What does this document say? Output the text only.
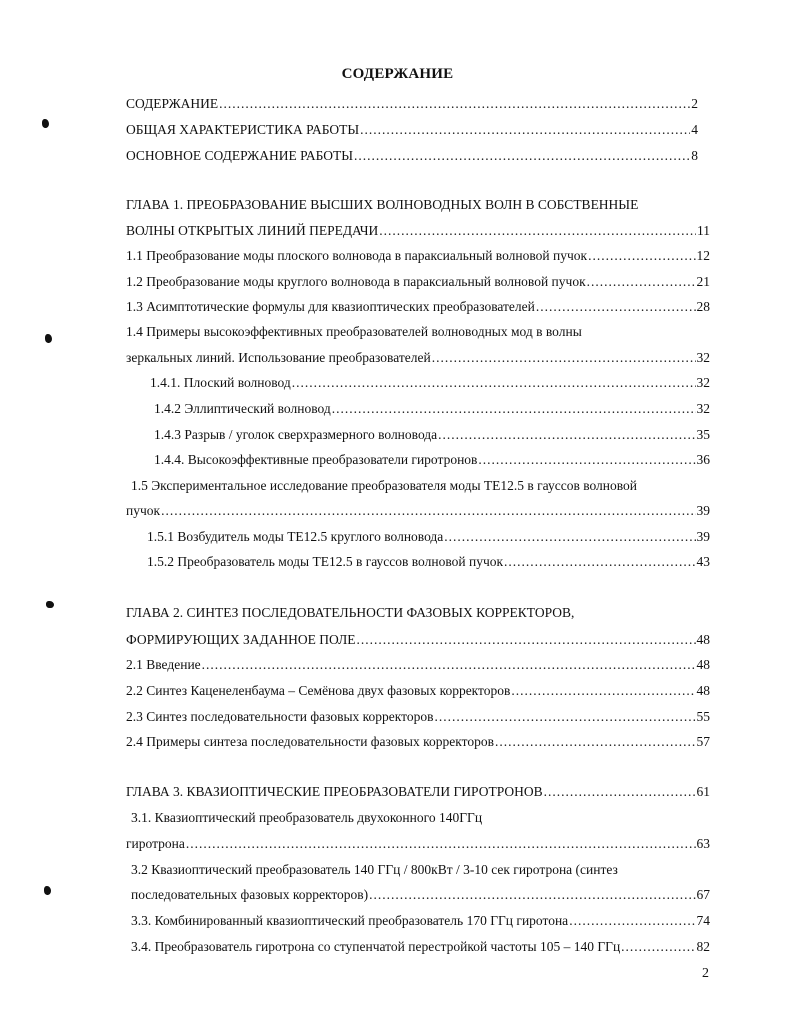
СОДЕРЖАНИЕ
СОДЕРЖАНИЕ .....	2
ОБЩАЯ ХАРАКТЕРИСТИКА РАБОТЫ .....	4
ОСНОВНОЕ СОДЕРЖАНИЕ РАБОТЫ .....	8
ГЛАВА 1. ПРЕОБРАЗОВАНИЕ ВЫСШИХ ВОЛНОВОДНЫХ ВОЛН В СОБСТВЕННЫЕ
ВОЛНЫ ОТКРЫТЫХ ЛИНИЙ ПЕРЕДАЧИ .....	11
1.1 Преобразование моды плоского волновода в параксиальный волновой пучок .....	12
1.2 Преобразование моды круглого волновода в параксиальный волновой пучок .....	21
1.3 Асимптотические формулы для квазиоптических преобразователей .....	28
1.4 Примеры высокоэффективных преобразователей волноводных мод в волны
зеркальных линий. Использование преобразователей .....	32
1.4.1. Плоский волновод .....	32
1.4.2 Эллиптический волновод .....	32
1.4.3 Разрыв / уголок сверхразмерного волновода .....	35
1.4.4. Высокоэффективные преобразователи гиротронов .....	36
1.5 Экспериментальное исследование преобразователя моды ТЕ12.5 в гауссов волновой
пучок .....	39
1.5.1 Возбудитель моды ТЕ12.5 круглого волновода .....	39
1.5.2 Преобразователь моды ТЕ12.5 в гауссов волновой пучок .....	43
ГЛАВА 2. СИНТЕЗ ПОСЛЕДОВАТЕЛЬНОСТИ ФАЗОВЫХ КОРРЕКТОРОВ,
ФОРМИРУЮЩИХ ЗАДАННОЕ ПОЛЕ .....	48
2.1 Введение .....	48
2.2 Синтез Каценеленбаума – Семёнова двух фазовых корректоров .....	48
2.3 Синтез последовательности фазовых корректоров .....	55
2.4 Примеры синтеза последовательности фазовых корректоров .....	57
ГЛАВА 3. КВАЗИОПТИЧЕСКИЕ ПРЕОБРАЗОВАТЕЛИ ГИРОТРОНОВ .....	61
3.1. Квазиоптический преобразователь двухоконного 140ГГц
гиротрона .....	63
3.2 Квазиоптический преобразователь 140 ГГц / 800кВт / 3-10 сек гиротрона (синтез
последовательных фазовых корректоров) .....	67
3.3. Комбинированный квазиоптический преобразователь 170 ГГц гиротона .....	74
3.4. Преобразователь гиротрона со ступенчатой перестройкой частоты 105 – 140 ГГц .....	82
2
